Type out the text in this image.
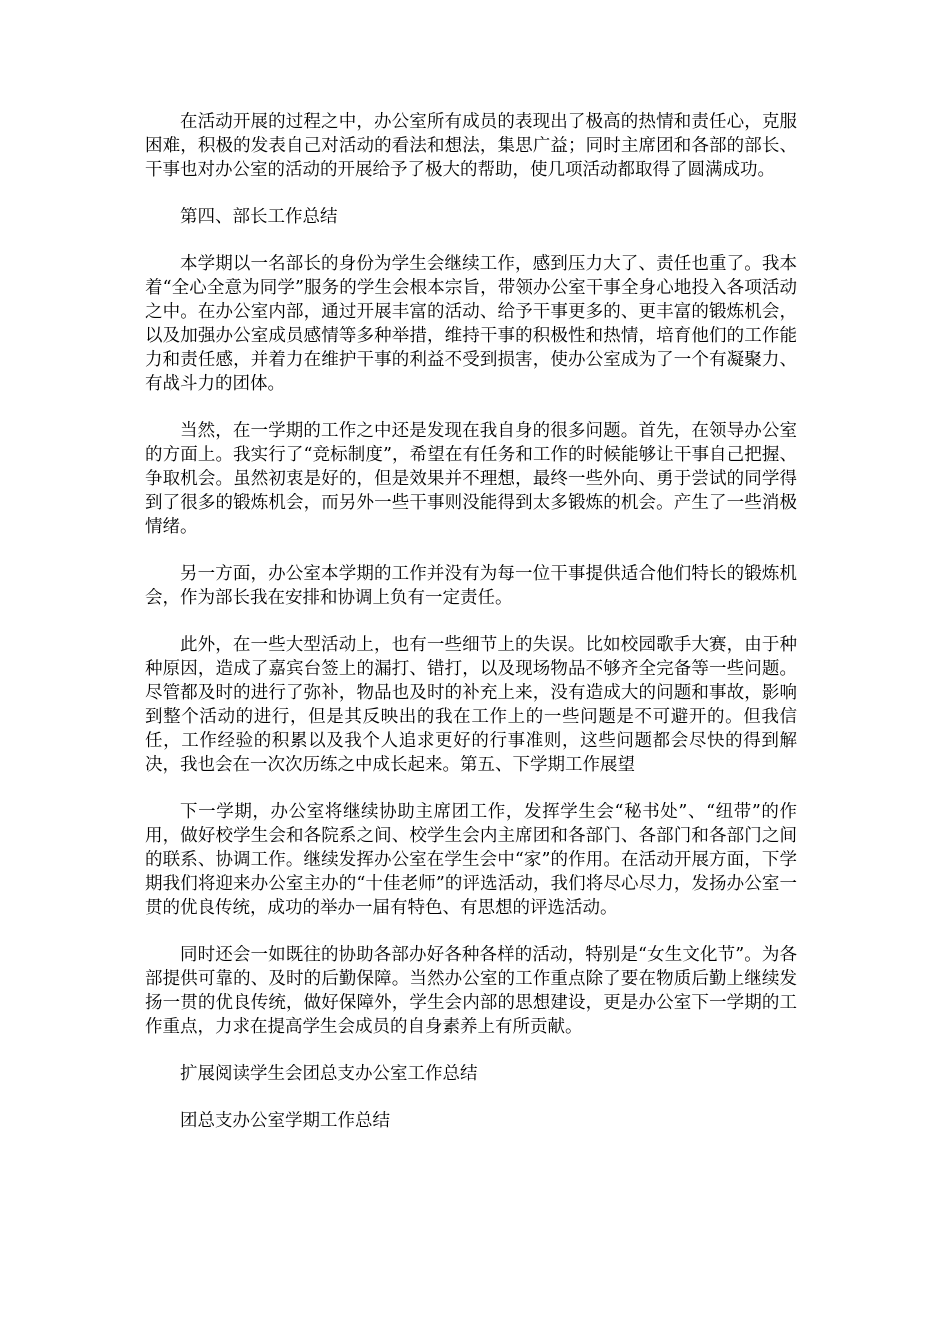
在活动开展的过程之中，办公室所有成员的表现出了极高的热情和责任心，克服困难，积极的发表自己对活动的看法和想法，集思广益；同时主席团和各部的部长、干事也对办公室的活动的开展给予了极大的帮助，使几项活动都取得了圆满成功。

第四、部长工作总结

本学期以一名部长的身份为学生会继续工作，感到压力大了、责任也重了。我本着“全心全意为同学”服务的学生会根本宗旨，带领办公室干事全身心地投入各项活动之中。在办公室内部，通过开展丰富的活动、给予干事更多的、更丰富的锻炼机会，以及加强办公室成员感情等多种举措，维持干事的积极性和热情，培育他们的工作能力和责任感，并着力在维护干事的利益不受到损害，使办公室成为了一个有凝聚力、有战斗力的团体。

当然，在一学期的工作之中还是发现在我自身的很多问题。首先，在领导办公室的方面上。我实行了“竞标制度”，希望在有任务和工作的时候能够让干事自己把握、争取机会。虽然初衷是好的，但是效果并不理想，最终一些外向、勇于尝试的同学得到了很多的锻炼机会，而另外一些干事则没能得到太多锻炼的机会。产生了一些消极情绪。

另一方面，办公室本学期的工作并没有为每一位干事提供适合他们特长的锻炼机会，作为部长我在安排和协调上负有一定责任。

此外，在一些大型活动上，也有一些细节上的失误。比如校园歌手大赛，由于种种原因，造成了嘉宾台签上的漏打、错打，以及现场物品不够齐全完备等一些问题。尽管都及时的进行了弥补，物品也及时的补充上来，没有造成大的问题和事故，影响到整个活动的进行，但是其反映出的我在工作上的一些问题是不可避开的。但我信任，工作经验的积累以及我个人追求更好的行事准则，这些问题都会尽快的得到解决，我也会在一次次历练之中成长起来。第五、下学期工作展望

下一学期，办公室将继续协助主席团工作，发挥学生会“秘书处”、“纽带”的作用，做好校学生会和各院系之间、校学生会内主席团和各部门、各部门和各部门之间的联系、协调工作。继续发挥办公室在学生会中“家”的作用。在活动开展方面，下学期我们将迎来办公室主办的“十佳老师”的评选活动，我们将尽心尽力，发扬办公室一贯的优良传统，成功的举办一届有特色、有思想的评选活动。

同时还会一如既往的协助各部办好各种各样的活动，特别是“女生文化节”。为各部提供可靠的、及时的后勤保障。当然办公室的工作重点除了要在物质后勤上继续发扬一贯的优良传统，做好保障外，学生会内部的思想建设，更是办公室下一学期的工作重点，力求在提高学生会成员的自身素养上有所贡献。

扩展阅读学生会团总支办公室工作总结

团总支办公室学期工作总结
